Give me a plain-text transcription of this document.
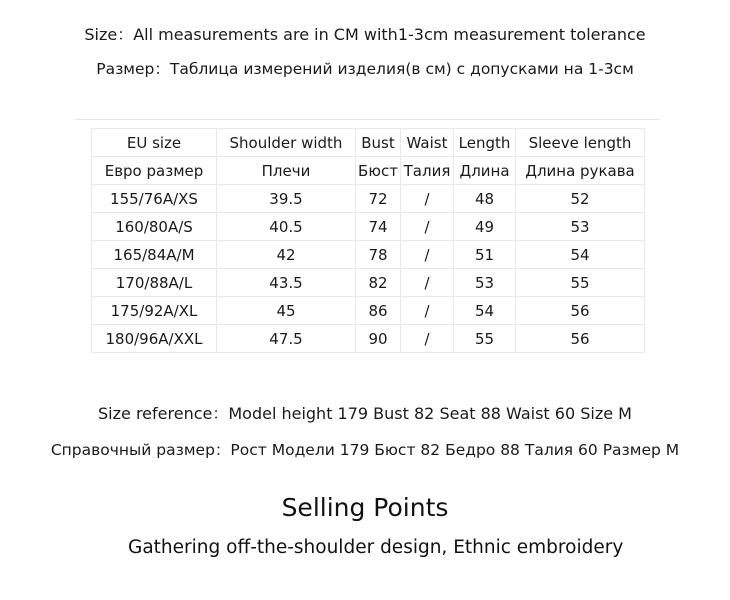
Size：All measurements are in CM with1-3cm measurement tolerance
Размер：Таблица измерений изделия(в см) с допусками на 1-3см
EU size	Shoulder width	Bust	Waist	Length	Sleeve length
Евро размер	Плечи	Бюст	Талия	Длина	Длина рукава
155/76A/XS	39.5	72	/	48	52
160/80A/S	40.5	74	/	49	53
165/84A/M	42	78	/	51	54
170/88A/L	43.5	82	/	53	55
175/92A/XL	45	86	/	54	56
180/96A/XXL	47.5	90	/	55	56
Size reference：Model height 179 Bust 82 Seat 88 Waist 60 Size M
Справочный размер：Рост Модели 179 Бюст 82 Бедро 88 Талия 60 Размер M
Selling Points
Gathering off-the-shoulder design, Ethnic embroidery
